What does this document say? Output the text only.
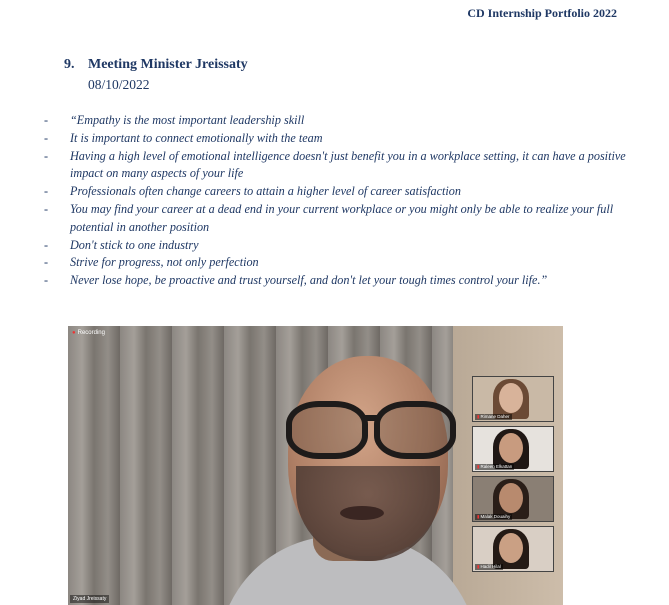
CD Internship Portfolio 2022
9. Meeting Minister Jreissaty
08/10/2022
- “Empathy is the most important leadership skill
- It is important to connect emotionally with the team
- Having a high level of emotional intelligence doesn't just benefit you in a workplace setting, it can have a positive impact on many aspects of your life
- Professionals often change careers to attain a higher level of career satisfaction
- You may find your career at a dead end in your current workplace or you might only be able to realize your full potential in another position
- Don't stick to one industry
- Strive for progress, not only perfection
- Never lose hope, be proactive and trust yourself, and don't let your tough times control your life.”
● Recording
Ziyad Jreissaty
▮Rimane Daher
▮Raleen Elkattan
▮Malak Douaihy
▮Hadil Hilal
